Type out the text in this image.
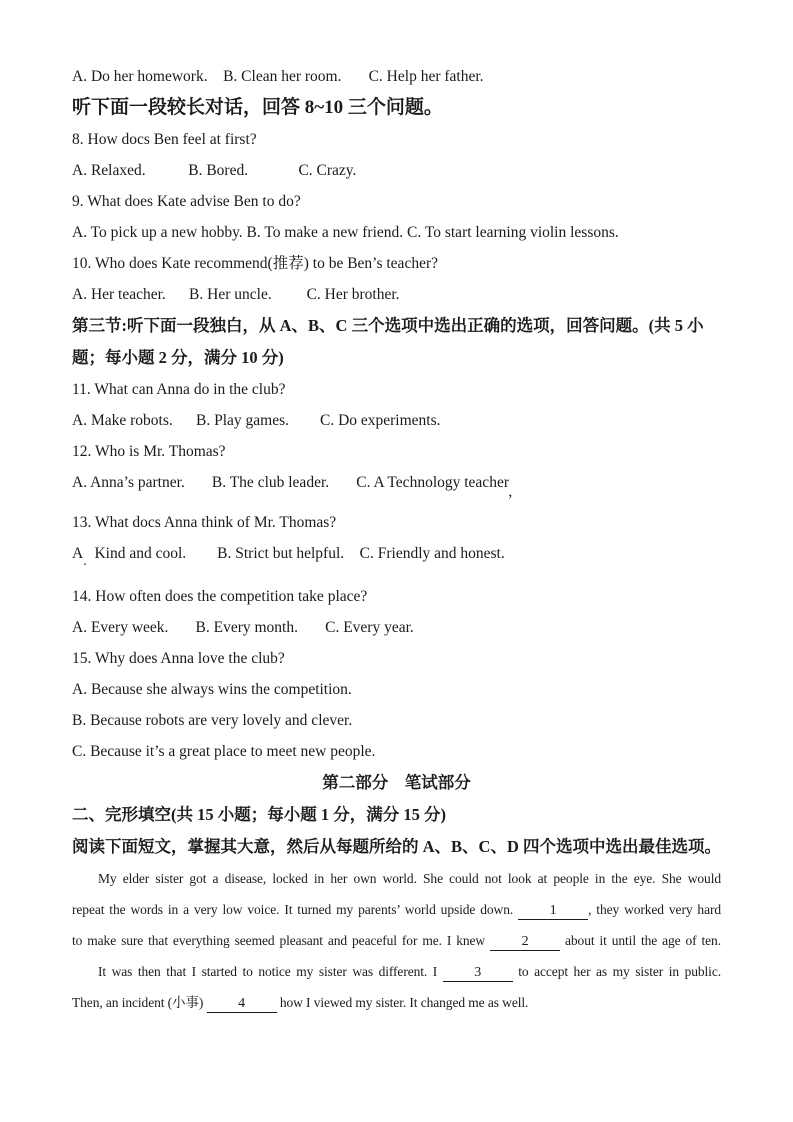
A. Do her homework.    B. Clean her room.       C. Help her father.

听下面一段较长对话，回答 8~10 三个问题。

8. How docs Ben feel at first?

A. Relaxed.           B. Bored.             C. Crazy.

9. What does Kate advise Ben to do?

A. To pick up a new hobby. B. To make a new friend. C. To start learning violin lessons.

10. Who does Kate recommend(推荐) to be Ben’s teacher?

A. Her teacher.      B. Her uncle.         C. Her brother.

第三节:听下面一段独白，从 A、B、C 三个选项中选出正确的选项，回答问题。(共 5 小题；每小题 2 分，满分 10 分)

11. What can Anna do in the club?

A. Make robots.      B. Play games.        C. Do experiments.

12. Who is Mr. Thomas?

A. Anna’s partner.       B. The club leader.       C. A Technology teacher,

13. What docs Anna think of Mr. Thomas?

A.  Kind and cool.        B. Strict but helpful.    C. Friendly and honest.

14. How often does the competition take place?

A. Every week.       B. Every month.       C. Every year.

15. Why does Anna love the club?

A. Because she always wins the competition.

B. Because robots are very lovely and clever.

C. Because it’s a great place to meet new people.

第二部分　笔试部分

二、完形填空(共 15 小题；每小题 1 分，满分 15 分)

阅读下面短文，掌握其大意，然后从每题所给的 A、B、C、D 四个选项中选出最佳选项。

My elder sister got a disease, locked in her own world. She could not look at people in the eye. She would

repeat the words in a very low voice. It turned my parents’ world upside down. 1 , they worked very hard

to make sure that everything seemed pleasant and peaceful for me. I knew 2 about it until the age of ten.

It was then that I started to notice my sister was different. I 3 to accept her as my sister in public.

Then, an incident (小事) 4 how I viewed my sister. It changed me as well.
